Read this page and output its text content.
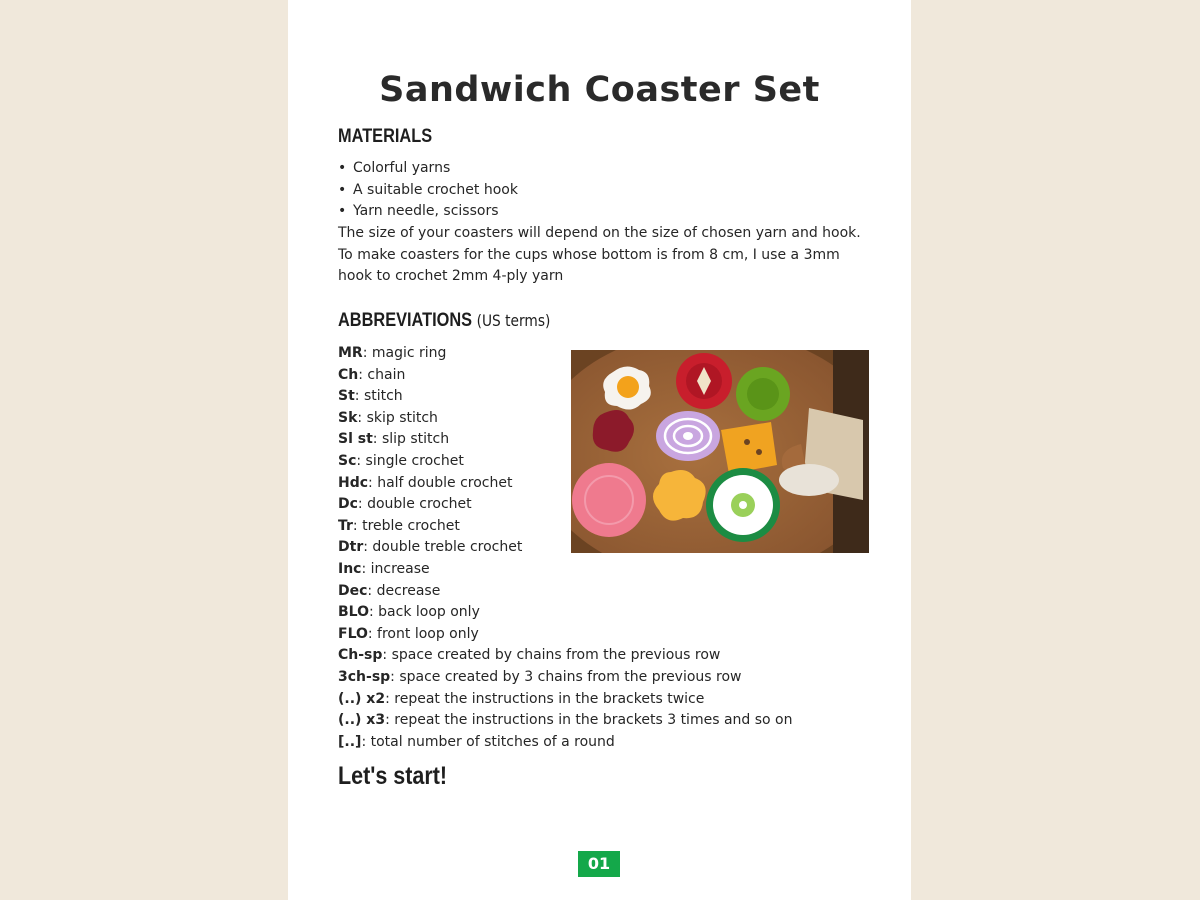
Sandwich Coaster Set
MATERIALS
• Colorful yarns
• A suitable crochet hook
• Yarn needle, scissors

The size of your coasters will depend on the size of chosen yarn and hook.

To make coasters for the cups whose bottom is from 8 cm, I use a 3mm hook to crochet 2mm 4-ply yarn

ABBREVIATIONS (US terms)
MR: magic ring
Ch: chain
St: stitch
Sk: skip stitch
Sl st: slip stitch
Sc: single crochet
Hdc: half double crochet
Dc: double crochet
Tr: treble crochet
Dtr: double treble crochet
Inc: increase
Dec: decrease
BLO: back loop only
FLO: front loop only
Ch-sp: space created by chains from the previous row
3ch-sp: space created by 3 chains from the previous row
(..) x2: repeat the instructions in the brackets twice
(..) x3: repeat the instructions in the brackets 3 times and so on
[..]: total number of stitches of a round
Let's start!
01
